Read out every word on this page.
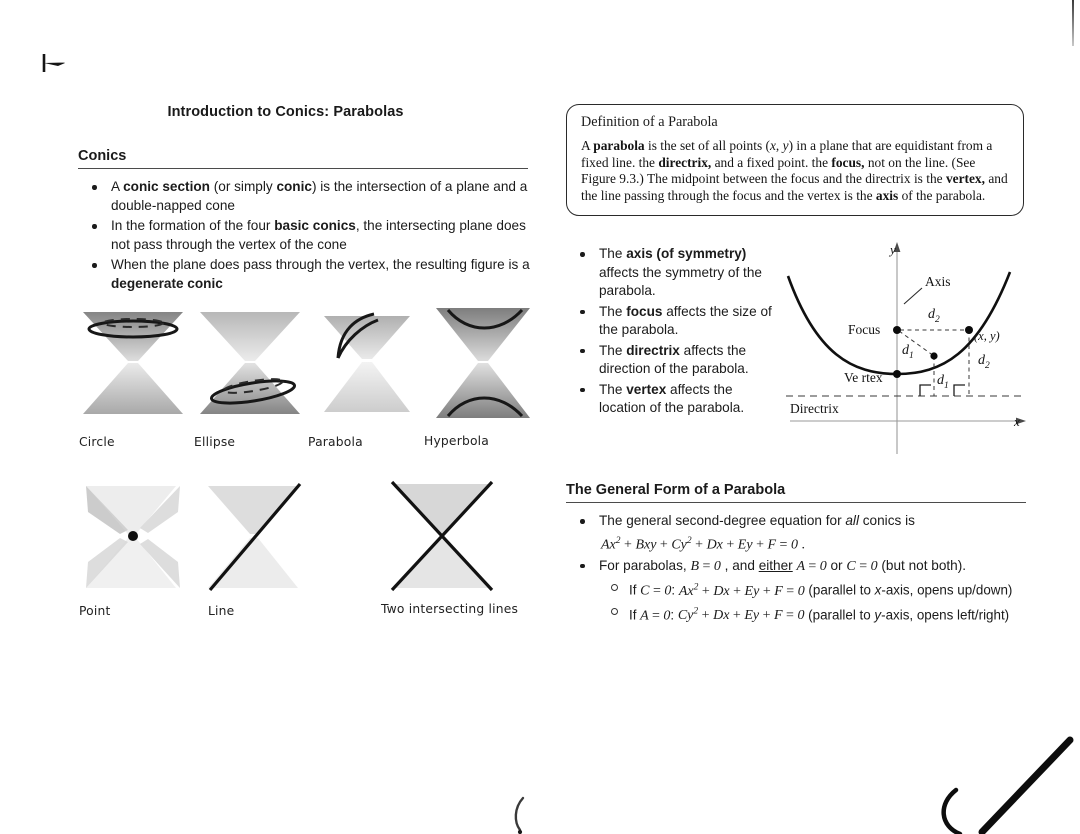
Introduction to Conics: Parabolas
Conics
A conic section (or simply conic) is the intersection of a plane and a double-napped cone
In the formation of the four basic conics, the intersecting plane does not pass through the vertex of the cone
When the plane does pass through the vertex, the resulting figure is a degenerate conic
Circle	Ellipse	Parabola	Hyperbola
Point	Line	Two intersecting lines
Definition of a Parabola

A parabola is the set of all points (x, y) in a plane that are equidistant from a fixed line. the directrix, and a fixed point. the focus, not on the line. (See Figure 9.3.) The midpoint between the focus and the directrix is the vertex, and the line passing through the focus and the vertex is the axis of the parabola.

The axis (of symmetry) affects the symmetry of the parabola.
The focus affects the size of the parabola.
The directrix affects the direction of the parabola.
The vertex affects the location of the parabola.
y
x
Axis
Focus
Ve rtex
Directrix
(x, y)
$d_2$
$d_2$
$d_1$
$d_1$
The General Form of a Parabola
The general second-degree equation for all conics is
$Ax^2$ + Bxy + $Cy^2 + Dx + Ey + F = 0$ .
For parabolas, B = 0 , and either A = 0 or C = 0 (but not both).
If C = 0: $Ax^2 + Dx + Ey + F = 0$ (parallel to x-axis, opens up/down)
If A = 0: $Cy^2 + Dx + Ey + F = 0$ (parallel to y-axis, opens left/right)
